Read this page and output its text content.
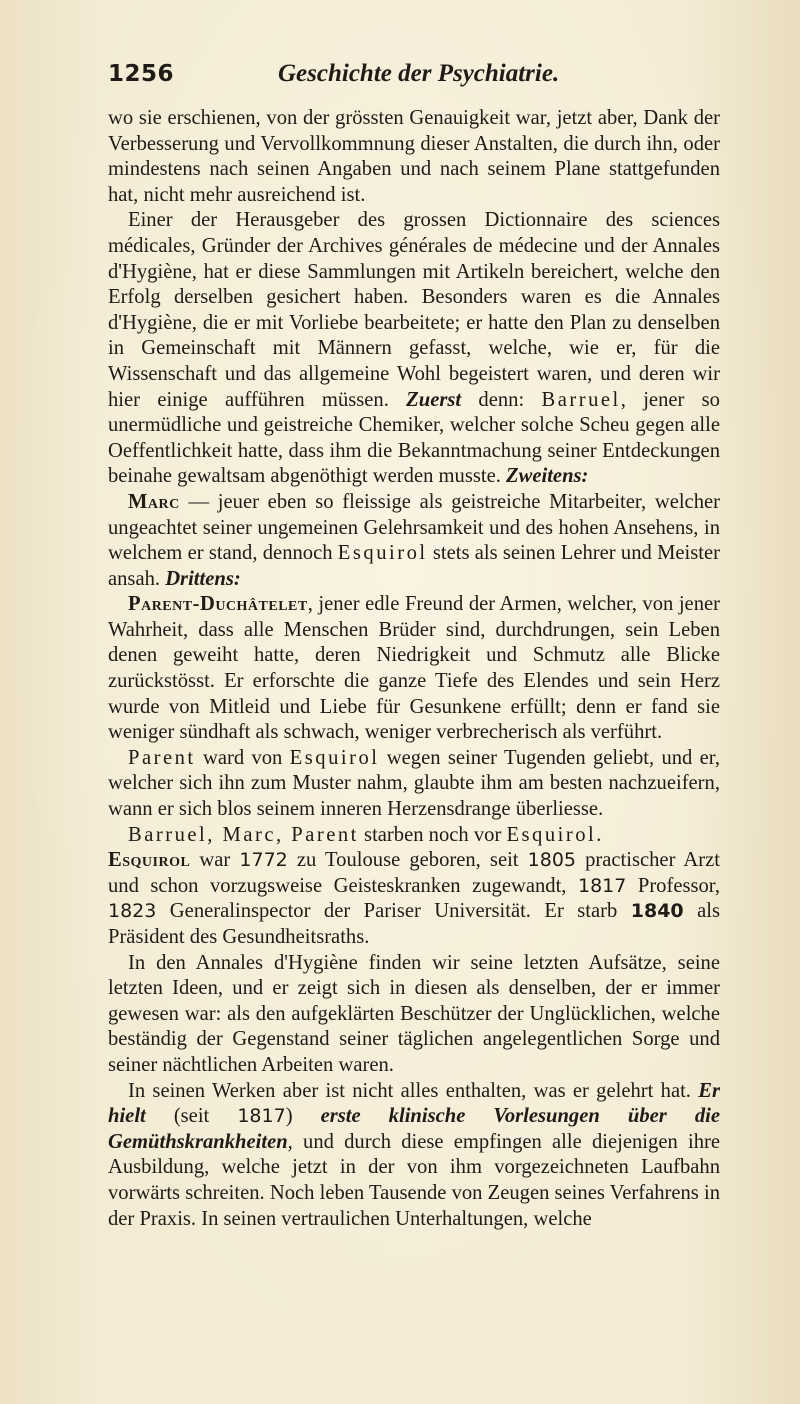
1256	Geschichte der Psychiatrie.

wo sie erschienen, von der grössten Genauigkeit war, jetzt aber, Dank der Verbesserung und Vervollkommnung dieser Anstalten, die durch ihn, oder mindestens nach seinen Angaben und nach seinem Plane stattgefunden hat, nicht mehr ausreichend ist.

Einer der Herausgeber des grossen Dictionnaire des sciences médicales, Gründer der Archives générales de médecine und der Annales d'Hygiène, hat er diese Sammlungen mit Artikeln bereichert, welche den Erfolg derselben gesichert haben. Besonders waren es die Annales d'Hygiène, die er mit Vorliebe bearbeitete; er hatte den Plan zu denselben in Gemeinschaft mit Männern gefasst, welche, wie er, für die Wissenschaft und das allgemeine Wohl begeistert waren, und deren wir hier einige aufführen müssen. Zuerst denn: Barruel, jener so unermüdliche und geistreiche Chemiker, welcher solche Scheu gegen alle Oeffentlichkeit hatte, dass ihm die Bekanntmachung seiner Entdeckungen beinahe gewaltsam abgenöthigt werden musste. Zweitens:

Marc — jeuer eben so fleissige als geistreiche Mitarbeiter, welcher ungeachtet seiner ungemeinen Gelehrsamkeit und des hohen Ansehens, in welchem er stand, dennoch Esquirol stets als seinen Lehrer und Meister ansah. Drittens:

Parent-Duchâtelet, jener edle Freund der Armen, welcher, von jener Wahrheit, dass alle Menschen Brüder sind, durchdrungen, sein Leben denen geweiht hatte, deren Niedrigkeit und Schmutz alle Blicke zurückstösst. Er erforschte die ganze Tiefe des Elendes und sein Herz wurde von Mitleid und Liebe für Gesunkene erfüllt; denn er fand sie weniger sündhaft als schwach, weniger verbrecherisch als verführt.

Parent ward von Esquirol wegen seiner Tugenden geliebt, und er, welcher sich ihn zum Muster nahm, glaubte ihm am besten nachzueifern, wann er sich blos seinem inneren Herzensdrange überliesse.

Barruel, Marc, Parent starben noch vor Esquirol.

Esquirol war 1772 zu Toulouse geboren, seit 1805 practischer Arzt und schon vorzugsweise Geisteskranken zugewandt, 1817 Professor, 1823 Generalinspector der Pariser Universität. Er starb 1840 als Präsident des Gesundheitsraths.

In den Annales d'Hygiène finden wir seine letzten Aufsätze, seine letzten Ideen, und er zeigt sich in diesen als denselben, der er immer gewesen war: als den aufgeklärten Beschützer der Unglücklichen, welche beständig der Gegenstand seiner täglichen angelegentlichen Sorge und seiner nächtlichen Arbeiten waren.

In seinen Werken aber ist nicht alles enthalten, was er gelehrt hat. Er hielt (seit 1817) erste klinische Vorlesungen über die Gemüthskrankheiten, und durch diese empfingen alle diejenigen ihre Ausbildung, welche jetzt in der von ihm vorgezeichneten Laufbahn vorwärts schreiten. Noch leben Tausende von Zeugen seines Verfahrens in der Praxis. In seinen vertraulichen Unterhaltungen, welche
